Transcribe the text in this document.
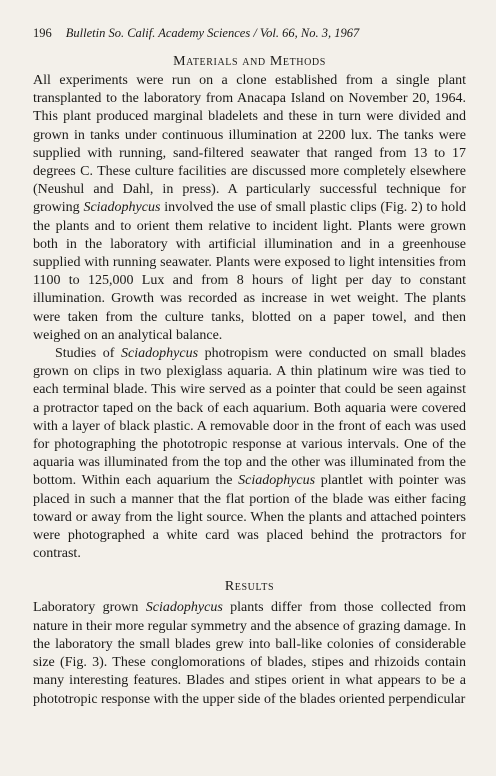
196 Bulletin So. Calif. Academy Sciences / Vol. 66, No. 3, 1967
Materials and Methods

All experiments were run on a clone established from a single plant transplanted to the laboratory from Anacapa Island on November 20, 1964. This plant produced marginal bladelets and these in turn were divided and grown in tanks under continuous illumination at 2200 lux. The tanks were supplied with running, sand-filtered seawater that ranged from 13 to 17 degrees C. These culture facilities are discussed more completely elsewhere (Neushul and Dahl, in press). A particularly successful technique for growing Sciadophycus involved the use of small plastic clips (Fig. 2) to hold the plants and to orient them relative to incident light. Plants were grown both in the laboratory with artificial illumination and in a greenhouse supplied with running seawater. Plants were exposed to light intensities from 1100 to 125,000 Lux and from 8 hours of light per day to constant illumination. Growth was recorded as increase in wet weight. The plants were taken from the culture tanks, blotted on a paper towel, and then weighed on an analytical balance.

Studies of Sciadophycus photropism were conducted on small blades grown on clips in two plexiglass aquaria. A thin platinum wire was tied to each terminal blade. This wire served as a pointer that could be seen against a protractor taped on the back of each aquarium. Both aquaria were covered with a layer of black plastic. A removable door in the front of each was used for photographing the phototropic response at various intervals. One of the aquaria was illuminated from the top and the other was illuminated from the bottom. Within each aquarium the Sciadophycus plantlet with pointer was placed in such a manner that the flat portion of the blade was either facing toward or away from the light source. When the plants and attached pointers were photographed a white card was placed behind the protractors for contrast.

Results

Laboratory grown Sciadophycus plants differ from those collected from nature in their more regular symmetry and the absence of grazing damage. In the laboratory the small blades grew into ball-like colonies of considerable size (Fig. 3). These conglomorations of blades, stipes and rhizoids contain many interesting features. Blades and stipes orient in what appears to be a phototropic response with the upper side of the blades oriented perpendicular
